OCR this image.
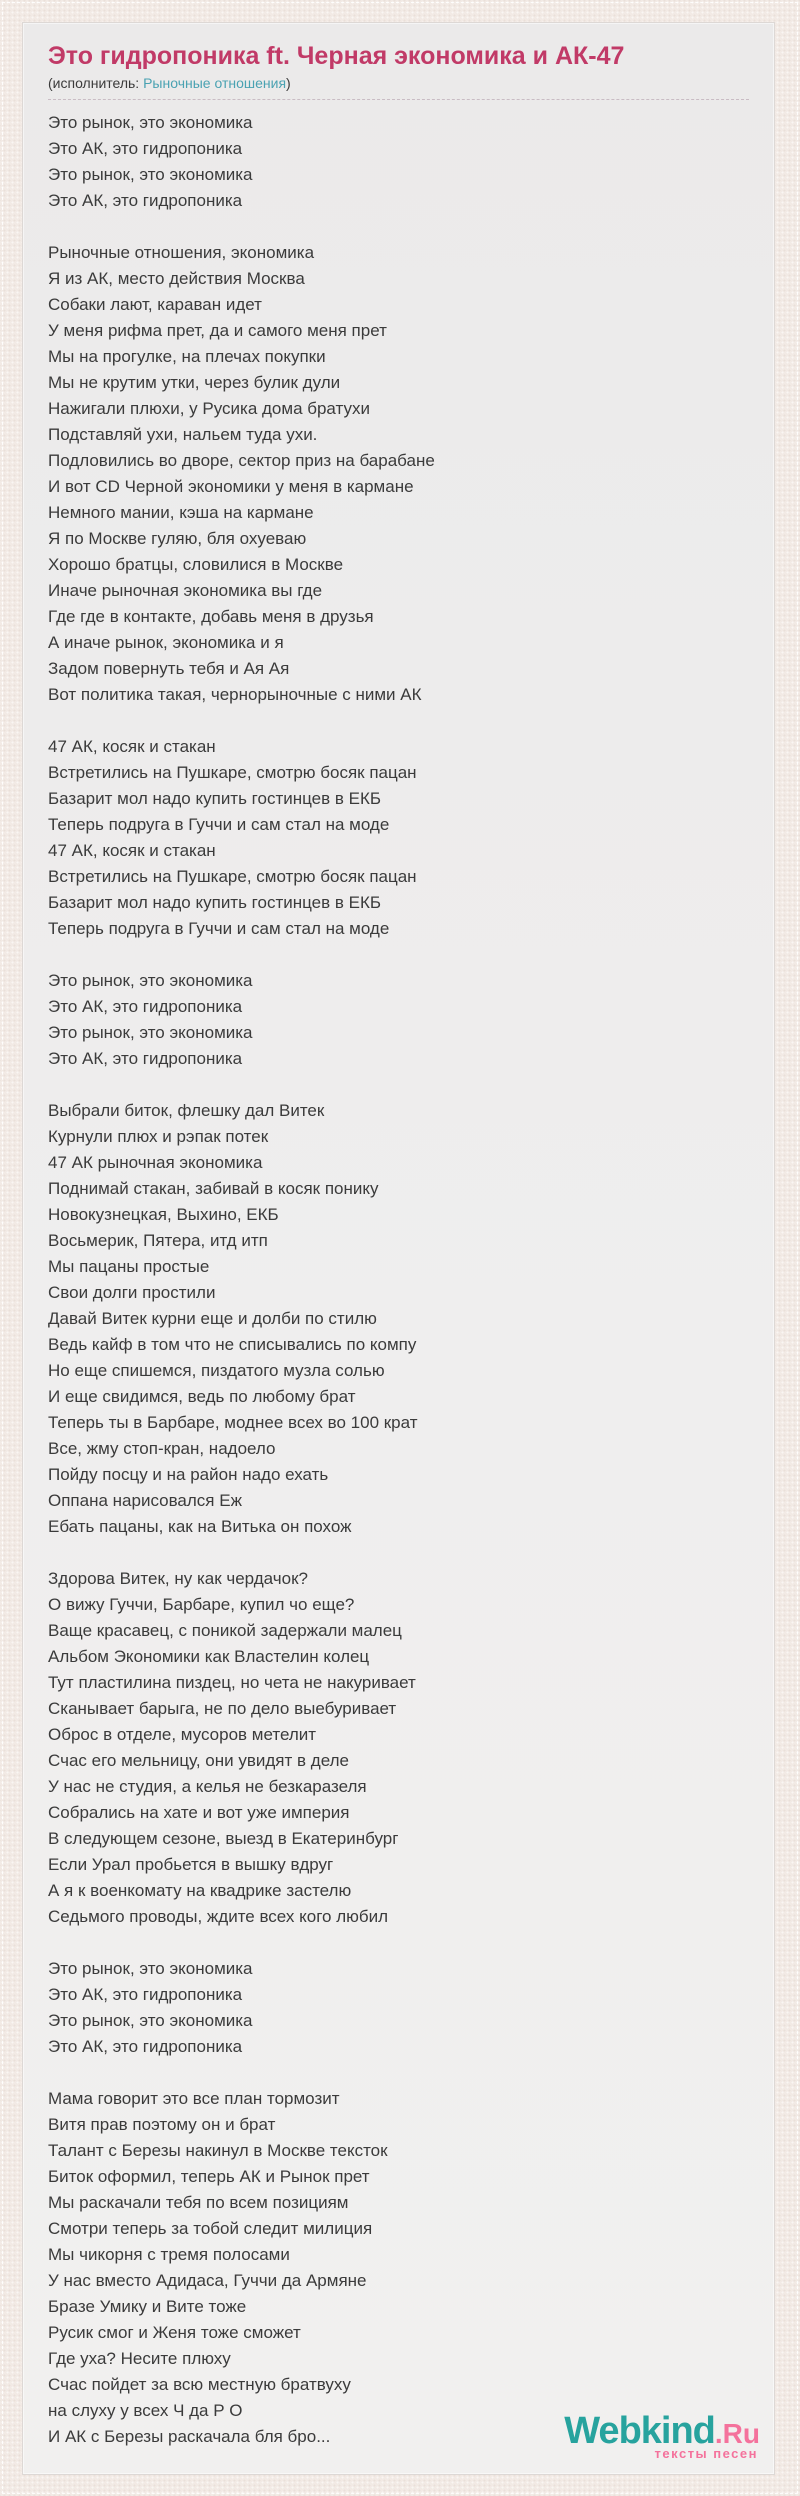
Это гидропоника ft. Черная экономика и АК-47
(исполнитель: Рыночные отношения)

Это рынок, это экономика
Это АК, это гидропоника
Это рынок, это экономика
Это АК, это гидропоника

Рыночные отношения, экономика
Я из АК, место действия Москва
Собаки лают, караван идет
У меня рифма прет, да и самого меня прет
Мы на прогулке, на плечах покупки
Мы не крутим утки, через булик дули
Нажигали плюхи, у Русика дома братухи
Подставляй ухи, нальем туда ухи.
Подловились во дворе, сектор приз на барабане
И вот CD Черной экономики у меня в кармане
Немного мании, кэша на кармане
Я по Москве гуляю, бля охуеваю
Хорошо братцы, словилися в Москве
Иначе рыночная экономика вы где
Где где в контакте, добавь меня в друзья
А иначе рынок, экономика и я
Задом повернуть тебя и Ая Ая
Вот политика такая, чернорыночные с ними АК

47 АК, косяк и стакан
Встретились на Пушкаре, смотрю босяк пацан
Базарит мол надо купить гостинцев в ЕКБ
Теперь подруга в Гуччи и сам стал на моде
47 АК, косяк и стакан
Встретились на Пушкаре, смотрю босяк пацан
Базарит мол надо купить гостинцев в ЕКБ
Теперь подруга в Гуччи и сам стал на моде

Это рынок, это экономика
Это АК, это гидропоника
Это рынок, это экономика
Это АК, это гидропоника

Выбрали биток, флешку дал Витек
Курнули плюх и рэпак потек
47 АК рыночная экономика
Поднимай стакан, забивай в косяк понику
Новокузнецкая, Выхино, ЕКБ
Восьмерик, Пятера, итд итп
Мы пацаны простые
Свои долги простили
Давай Витек курни еще и долби по стилю
Ведь кайф в том что не списывались по компу
Но еще спишемся, пиздатого музла солью
И еще свидимся, ведь по любому брат
Теперь ты в Барбаре, моднее всех во 100 крат
Все, жму стоп-кран, надоело
Пойду посцу и на район надо ехать
Оппана нарисовался Еж
Ебать пацаны, как на Витька он похож

Здорова Витек, ну как чердачок?
О вижу Гуччи, Барбаре, купил чо еще?
Ваще красавец, с поникой задержали малец
Альбом Экономики как Властелин колец
Тут пластилина пиздец, но чета не накуривает
Сканывает барыга, не по дело выебуривает
Оброс в отделе, мусоров метелит
Счас его мельницу, они увидят в деле
У нас не студия, а келья не безкаразеля
Собрались на хате и вот уже империя
В следующем сезоне, выезд в Екатеринбург
Если Урал пробьется в вышку вдруг
А я к военкомату на квадрике застелю
Седьмого проводы, ждите всех кого любил

Это рынок, это экономика
Это АК, это гидропоника
Это рынок, это экономика
Это АК, это гидропоника

Мама говорит это все план тормозит
Витя прав поэтому он и брат
Талант с Березы накинул в Москве тексток
Биток оформил, теперь АК и Рынок прет
Мы раскачали тебя по всем позициям
Смотри теперь за тобой следит милиция
Мы чикорня с тремя полосами
У нас вместо Адидаса, Гуччи да Армяне
Бразе Умику и Вите тоже
Русик смог и Женя тоже сможет
Где уха? Несите плюху
Счас пойдет за всю местную братвуху
на слуху у всех Ч да Р О
И АК с Березы раскачала бля бро...	Webkind.Ru
тексты песен
